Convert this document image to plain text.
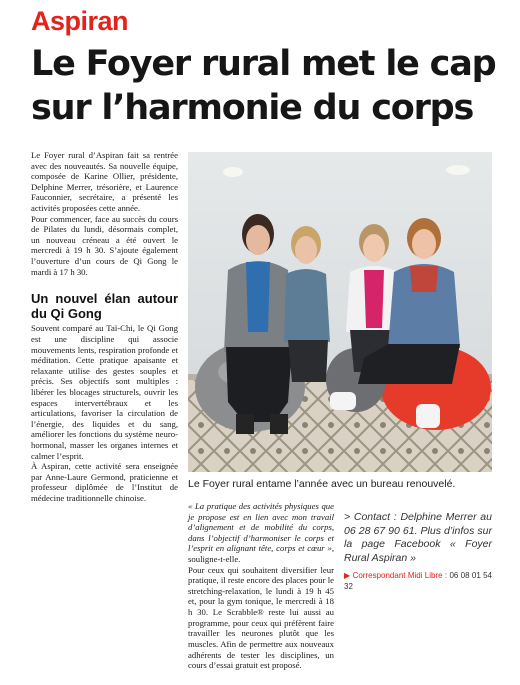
Aspiran
Le Foyer rural met le cap sur l’harmonie du corps

Le Foyer rural d’Aspiran fait sa rentrée avec des nouveautés. Sa nouvelle équipe, composée de Karine Ollier, présidente, Delphine Merrer, trésorière, et Laurence Fauconnier, secrétaire, a présenté les activités proposées cette année.

Pour commencer, face au succès du cours de Pilates du lundi, désormais complet, un nouveau créneau a été ouvert le mercredi à 19 h 30. S’ajoute également l’ouverture d’un cours de Qi Gong le mardi à 17 h 30.

Un nouvel élan autour du Qi Gong

Souvent comparé au Taï-Chi, le Qi Gong est une discipline qui associe mouvements lents, respiration profonde et méditation. Cette pratique apaisante et relaxante utilise des gestes souples et précis. Ses objectifs sont multiples : libérer les blocages structurels, ouvrir les espaces intervertébraux et les articulations, favoriser la circulation de l’énergie, des liquides et du sang, améliorer les fonctions du système neuro-hormonal, masser les organes internes et calmer l’esprit.

À Aspiran, cette activité sera enseignée par Anne-Laure Germond, praticienne et professeur diplômée de l’Institut de médecine traditionnelle chinoise.

Le Foyer rural entame l’année avec un bureau renouvelé.

« La pratique des activités physiques que je propose est en lien avec mon travail d’alignement et de mobilité du corps, dans l’objectif d’harmoniser le corps et l’esprit en alignant tête, corps et cœur », souligne-t-elle.

Pour ceux qui souhaitent diversifier leur pratique, il reste encore des places pour le stretching-relaxation, le lundi à 19 h 45 et, pour la gym tonique, le mercredi à 18 h 30. Le Scrabble® reste lui aussi au programme, pour ceux qui préfèrent faire travailler les neurones plutôt que les muscles. Afin de permettre aux nouveaux adhérents de tester les disciplines, un cours d’essai gratuit est proposé.

> Contact : Delphine Merrer au 06 28 67 90 61. Plus d’infos sur la page Facebook « Foyer Rural Aspiran »

▶ Correspondant Midi Libre : 06 08 01 54 32
